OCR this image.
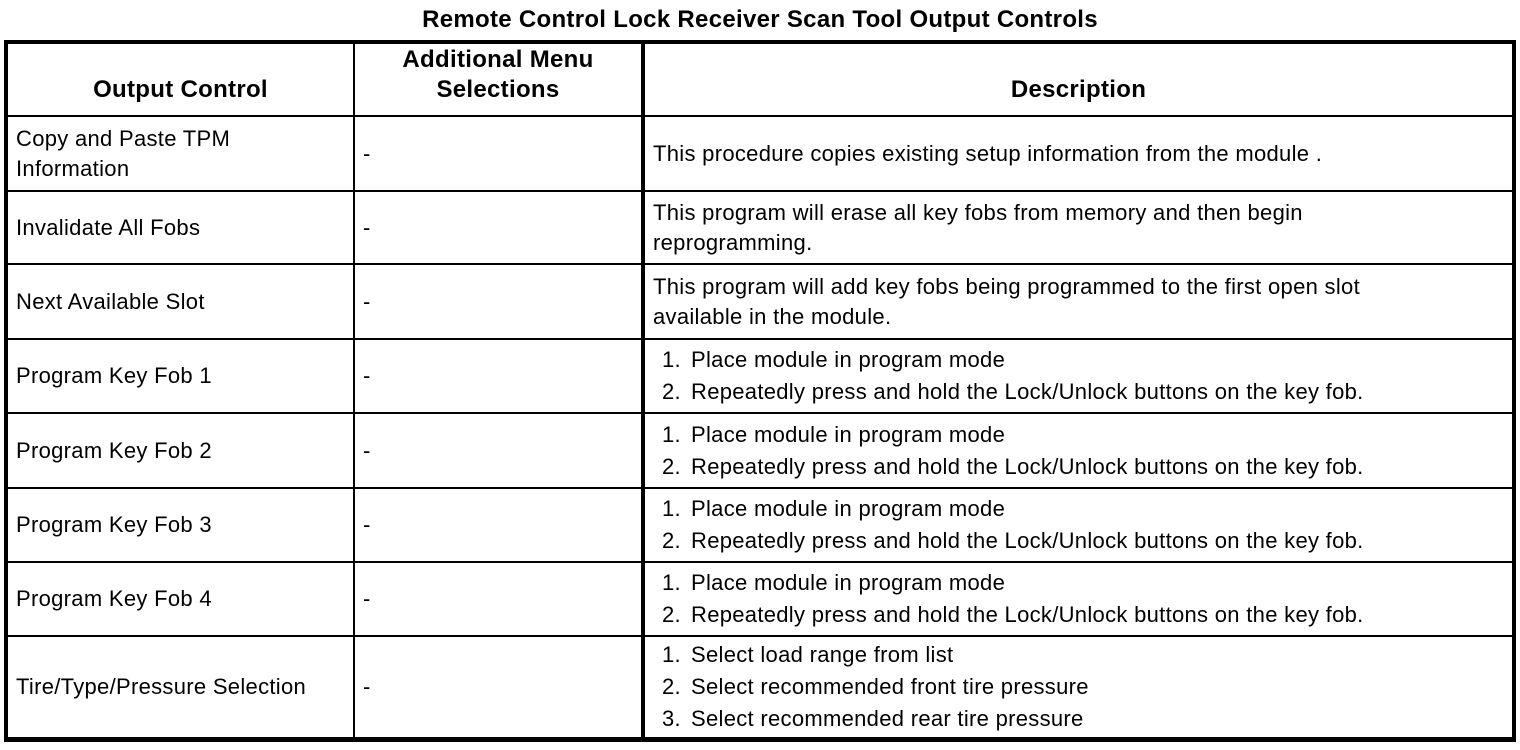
Remote Control Lock Receiver Scan Tool Output Controls
Output Control	Additional Menu Selections	Description

Copy and Paste TPM
Information	-	This procedure copies existing setup information from the module .

Invalidate All Fobs	-	This program will erase all key fobs from memory and then begin
reprogramming.

Next Available Slot	-	This program will add key fobs being programmed to the first open slot
available in the module.

Program Key Fob 1	-	1. Place module in program mode
2. Repeatedly press and hold the Lock/Unlock buttons on the key fob.

Program Key Fob 2	-	1. Place module in program mode
2. Repeatedly press and hold the Lock/Unlock buttons on the key fob.

Program Key Fob 3	-	1. Place module in program mode
2. Repeatedly press and hold the Lock/Unlock buttons on the key fob.

Program Key Fob 4	-	1. Place module in program mode
2. Repeatedly press and hold the Lock/Unlock buttons on the key fob.

Tire/Type/Pressure Selection	-	
1. Select load range from list
2. Select recommended front tire pressure
3. Select recommended rear tire pressure
